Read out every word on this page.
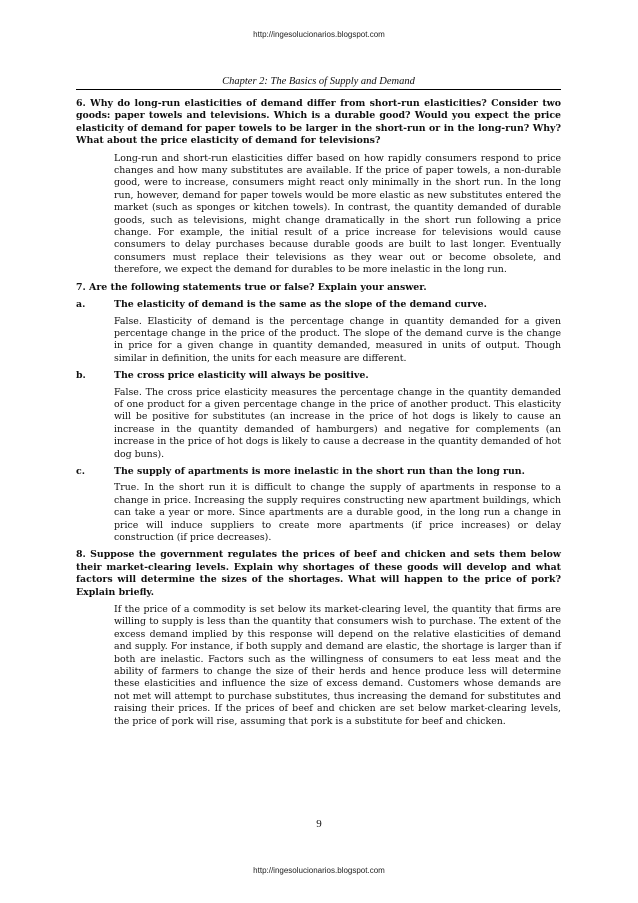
http://ingesolucionarios.blogspot.com
Chapter 2: The Basics of Supply and Demand

6. Why do long-run elasticities of demand differ from short-run elasticities? Consider two goods: paper towels and televisions. Which is a durable good? Would you expect the price elasticity of demand for paper towels to be larger in the short-run or in the long-run? Why? What about the price elasticity of demand for televisions?

Long-run and short-run elasticities differ based on how rapidly consumers respond to price changes and how many substitutes are available. If the price of paper towels, a non-durable good, were to increase, consumers might react only minimally in the short run. In the long run, however, demand for paper towels would be more elastic as new substitutes entered the market (such as sponges or kitchen towels). In contrast, the quantity demanded of durable goods, such as televisions, might change dramatically in the short run following a price change. For example, the initial result of a price increase for televisions would cause consumers to delay purchases because durable goods are built to last longer. Eventually consumers must replace their televisions as they wear out or become obsolete, and therefore, we expect the demand for durables to be more inelastic in the long run.

7. Are the following statements true or false? Explain your answer.

a.	The elasticity of demand is the same as the slope of the demand curve.

False. Elasticity of demand is the percentage change in quantity demanded for a given percentage change in the price of the product. The slope of the demand curve is the change in price for a given change in quantity demanded, measured in units of output. Though similar in definition, the units for each measure are different.

b.	The cross price elasticity will always be positive.

False. The cross price elasticity measures the percentage change in the quantity demanded of one product for a given percentage change in the price of another product. This elasticity will be positive for substitutes (an increase in the price of hot dogs is likely to cause an increase in the quantity demanded of hamburgers) and negative for complements (an increase in the price of hot dogs is likely to cause a decrease in the quantity demanded of hot dog buns).

c.	The supply of apartments is more inelastic in the short run than the long run.

True. In the short run it is difficult to change the supply of apartments in response to a change in price. Increasing the supply requires constructing new apartment buildings, which can take a year or more. Since apartments are a durable good, in the long run a change in price will induce suppliers to create more apartments (if price increases) or delay construction (if price decreases).

8. Suppose the government regulates the prices of beef and chicken and sets them below their market-clearing levels. Explain why shortages of these goods will develop and what factors will determine the sizes of the shortages. What will happen to the price of pork? Explain briefly.

If the price of a commodity is set below its market-clearing level, the quantity that firms are willing to supply is less than the quantity that consumers wish to purchase. The extent of the excess demand implied by this response will depend on the relative elasticities of demand and supply. For instance, if both supply and demand are elastic, the shortage is larger than if both are inelastic. Factors such as the willingness of consumers to eat less meat and the ability of farmers to change the size of their herds and hence produce less will determine these elasticities and influence the size of excess demand. Customers whose demands are not met will attempt to purchase substitutes, thus increasing the demand for substitutes and raising their prices. If the prices of beef and chicken are set below market-clearing levels, the price of pork will rise, assuming that pork is a substitute for beef and chicken.

9
http://ingesolucionarios.blogspot.com
